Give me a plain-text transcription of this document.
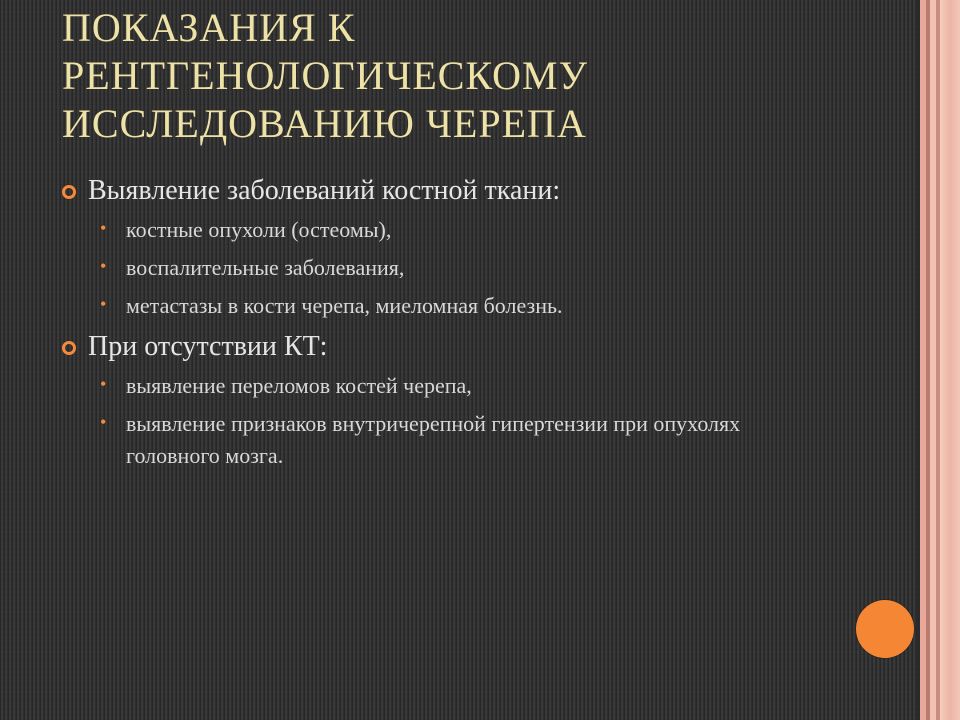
ПОКАЗАНИЯ К
РЕНТГЕНОЛОГИЧЕСКОМУ
ИССЛЕДОВАНИЮ ЧЕРЕПА
Выявление заболеваний костной ткани:
• костные опухоли (остеомы),
• воспалительные заболевания,
• метастазы в кости черепа, миеломная болезнь.
При отсутствии КТ:
• выявление переломов костей черепа,
• выявление признаков внутричерепной гипертензии при опухолях головного мозга.
